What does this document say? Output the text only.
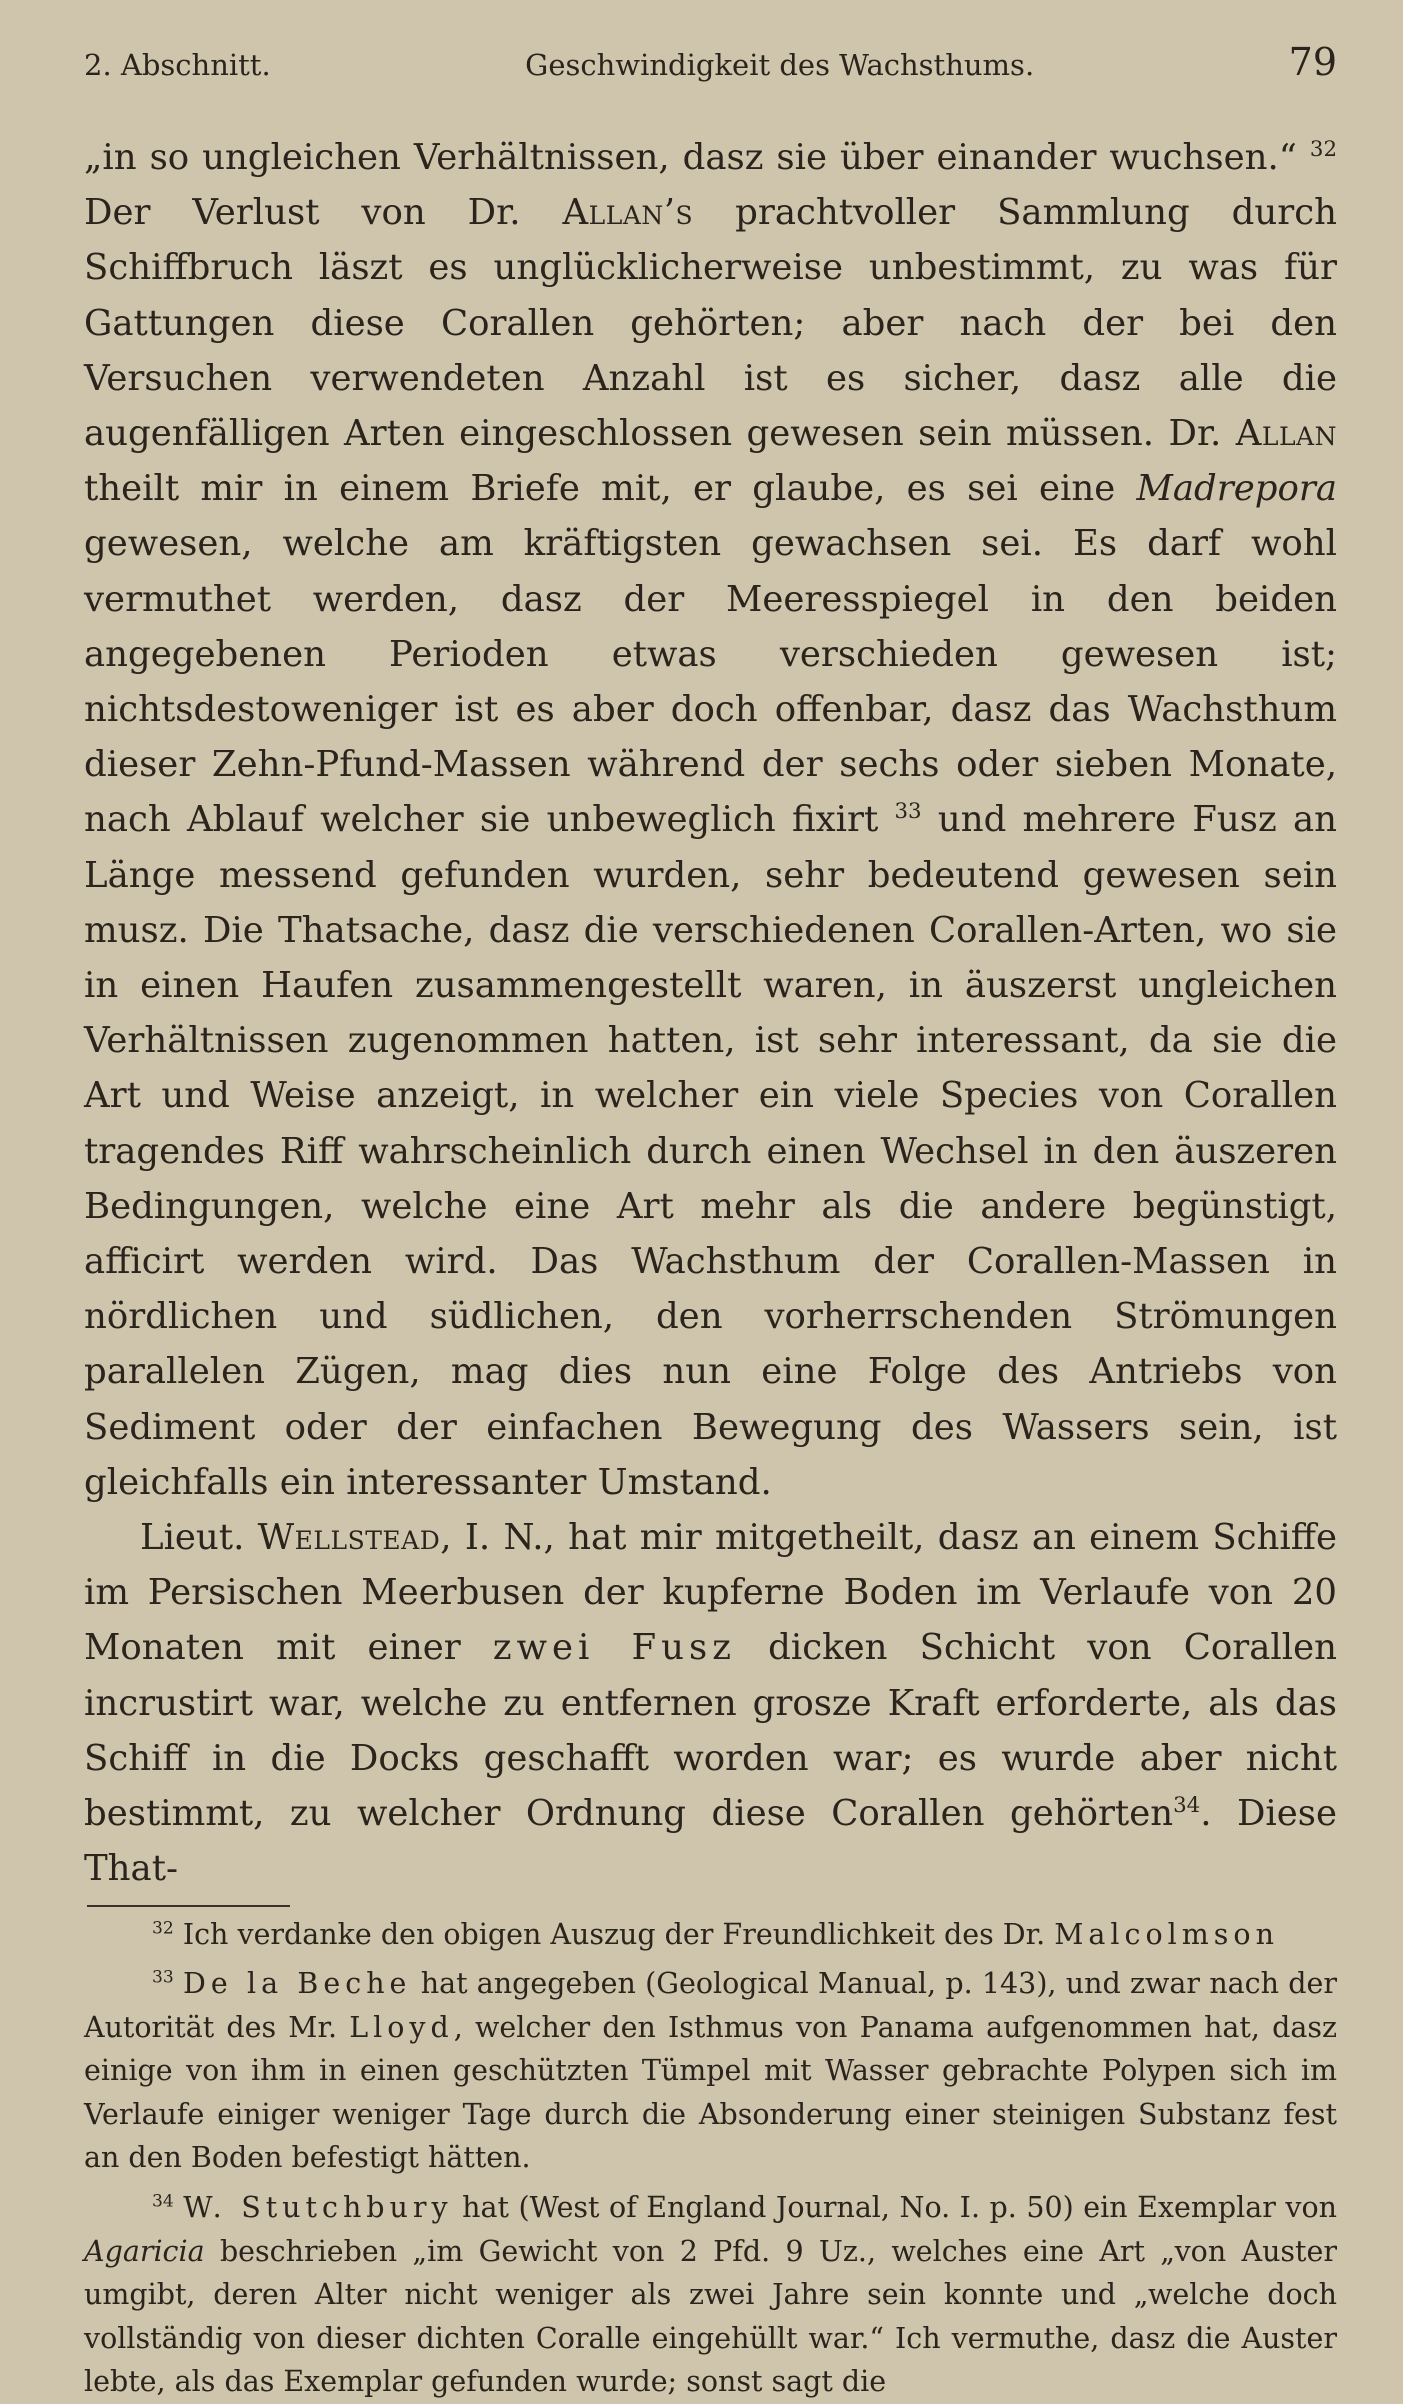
2. Abschnitt.	Geschwindigkeit des Wachsthums.	79

„in so ungleichen Verhältnissen, dasz sie über einander wuchsen.“ $^{32}$ Der Verlust von Dr. Allan’s prachtvoller Sammlung durch Schiffbruch läszt es unglücklicherweise unbestimmt, zu was für Gattungen diese Corallen gehörten; aber nach der bei den Versuchen verwendeten Anzahl ist es sicher, dasz alle die augenfälligen Arten eingeschlossen gewesen sein müssen. Dr. Allan theilt mir in einem Briefe mit, er glaube, es sei eine Madrepora gewesen, welche am kräftigsten gewachsen sei. Es darf wohl vermuthet werden, dasz der Meeresspiegel in den beiden angegebenen Perioden etwas verschieden gewesen ist; nichtsdestoweniger ist es aber doch offenbar, dasz das Wachsthum dieser Zehn-Pfund-Massen während der sechs oder sieben Monate, nach Ablauf welcher sie unbeweglich fixirt $^{33}$ und mehrere Fusz an Länge messend gefunden wurden, sehr bedeutend gewesen sein musz. Die Thatsache, dasz die verschiedenen Corallen-Arten, wo sie in einen Haufen zusammengestellt waren, in äuszerst ungleichen Verhältnissen zugenommen hatten, ist sehr interessant, da sie die Art und Weise anzeigt, in welcher ein viele Species von Corallen tragendes Riff wahrscheinlich durch einen Wechsel in den äuszeren Bedingungen, welche eine Art mehr als die andere begünstigt, afficirt werden wird. Das Wachsthum der Corallen-Massen in nördlichen und südlichen, den vorherrschenden Strömungen parallelen Zügen, mag dies nun eine Folge des Antriebs von Sediment oder der einfachen Bewegung des Wassers sein, ist gleichfalls ein interessanter Umstand.

Lieut. Wellstead, I. N., hat mir mitgetheilt, dasz an einem Schiffe im Persischen Meerbusen der kupferne Boden im Verlaufe von 20 Monaten mit einer zwei Fusz dicken Schicht von Corallen incrustirt war, welche zu entfernen grosze Kraft erforderte, als das Schiff in die Docks geschafft worden war; es wurde aber nicht bestimmt, zu welcher Ordnung diese Corallen gehörten$^{34}$. Diese That-

$^{32}$ Ich verdanke den obigen Auszug der Freundlichkeit des Dr. Malcolmson

$^{33}$ De la Beche hat angegeben (Geological Manual, p. 143), und zwar nach der Autorität des Mr. Lloyd, welcher den Isthmus von Panama aufgenommen hat, dasz einige von ihm in einen geschützten Tümpel mit Wasser gebrachte Polypen sich im Verlaufe einiger weniger Tage durch die Absonderung einer steinigen Substanz fest an den Boden befestigt hätten.

$^{34}$ W. Stutchbury hat (West of England Journal, No. I. p. 50) ein Exemplar von Agaricia beschrieben „im Gewicht von 2 Pfd. 9 Uz., welches eine Art „von Auster umgibt, deren Alter nicht weniger als zwei Jahre sein konnte und „welche doch vollständig von dieser dichten Coralle eingehüllt war.“ Ich vermuthe, dasz die Auster lebte, als das Exemplar gefunden wurde; sonst sagt die
